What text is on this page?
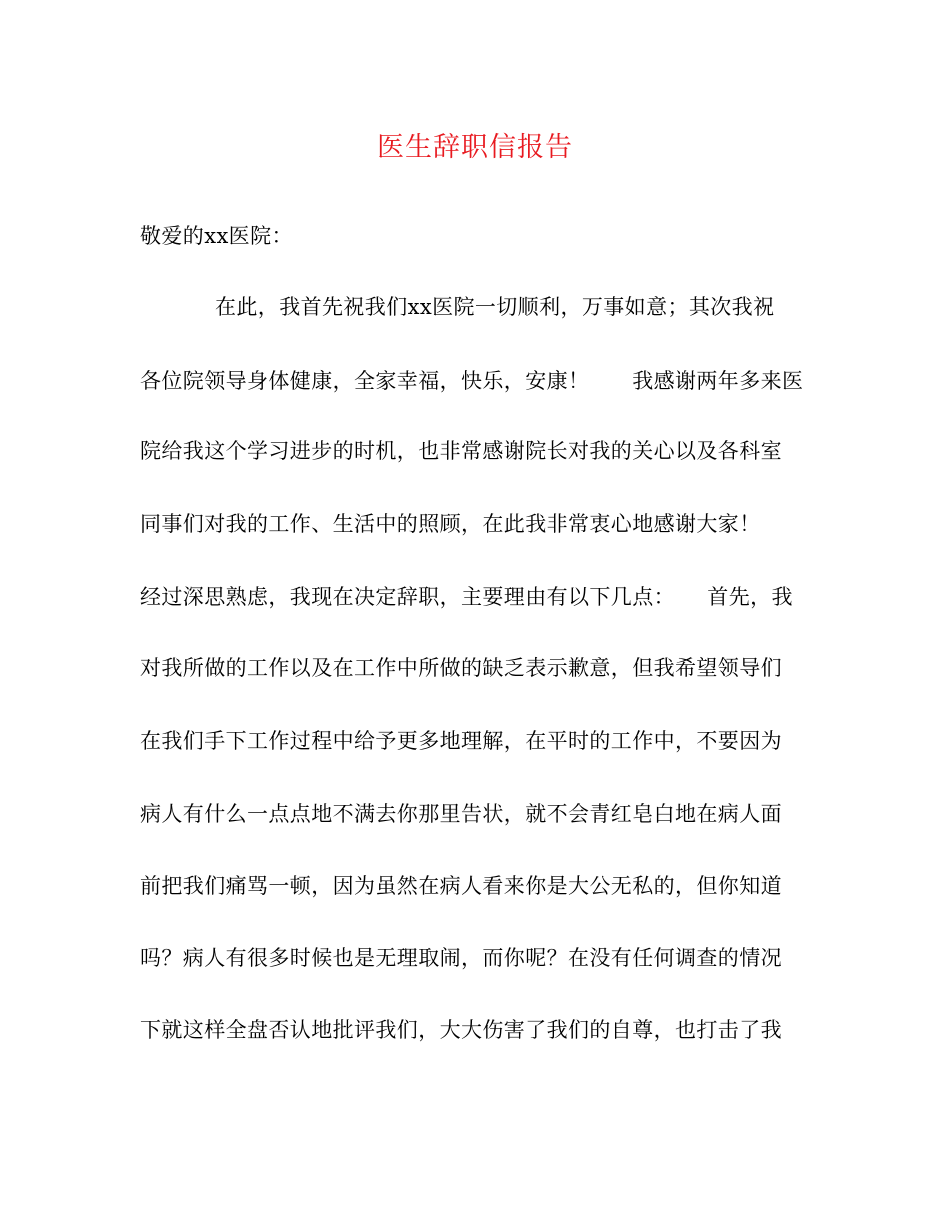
医生辞职信报告
敬爱的xx医院：
在此，我首先祝我们xx医院一切顺利，万事如意；其次我祝
各位院领导身体健康，全家幸福，快乐，安康！　　我感谢两年多来医
院给我这个学习进步的时机，也非常感谢院长对我的关心以及各科室
同事们对我的工作、生活中的照顾，在此我非常衷心地感谢大家！
经过深思熟虑，我现在决定辞职，主要理由有以下几点：　　首先，我
对我所做的工作以及在工作中所做的缺乏表示歉意，但我希望领导们
在我们手下工作过程中给予更多地理解，在平时的工作中，不要因为
病人有什么一点点地不满去你那里告状，就不会青红皂白地在病人面
前把我们痛骂一顿，因为虽然在病人看来你是大公无私的，但你知道
吗？病人有很多时候也是无理取闹，而你呢？在没有任何调查的情况
下就这样全盘否认地批评我们，大大伤害了我们的自尊，也打击了我
